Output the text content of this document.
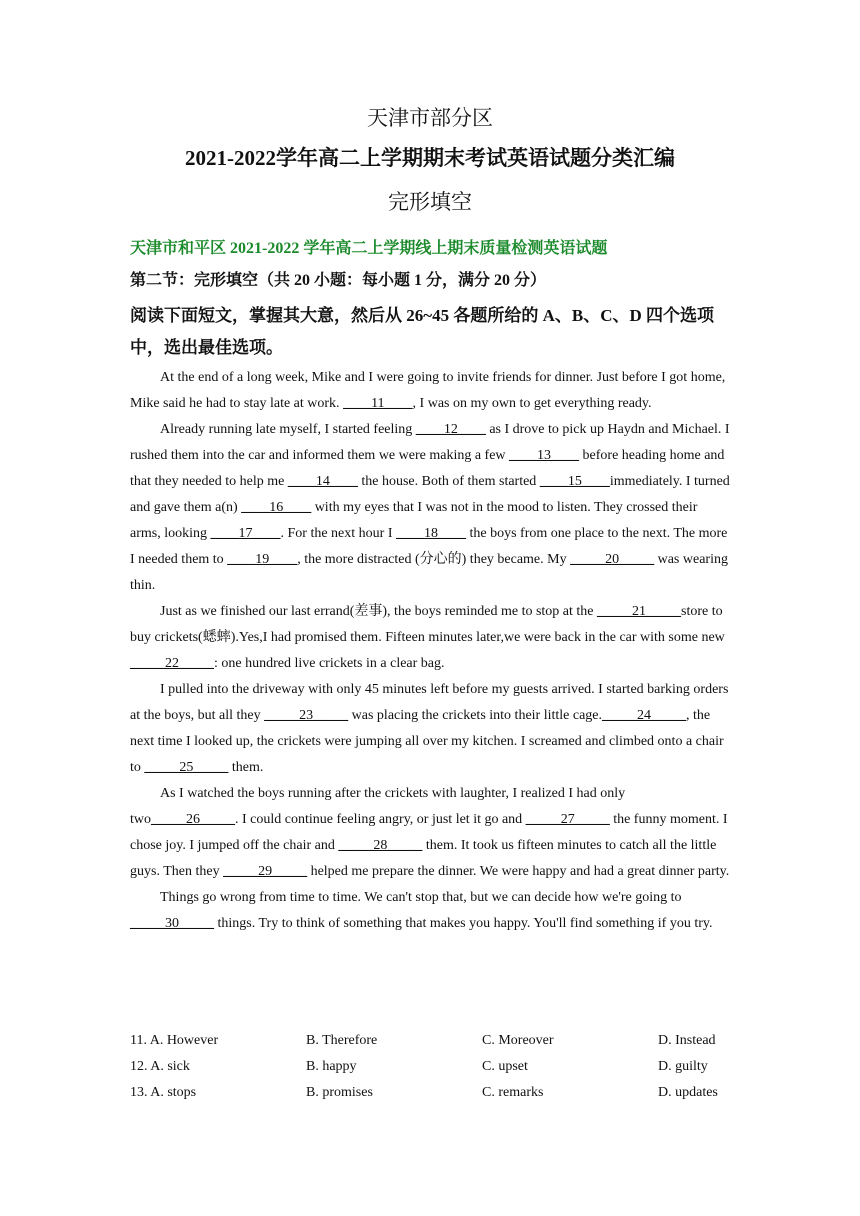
天津市部分区
2021-2022学年高二上学期期末考试英语试题分类汇编
完形填空
天津市和平区 2021-2022 学年高二上学期线上期末质量检测英语试题
第二节：完形填空（共 20 小题：每小题 1 分，满分 20 分）
阅读下面短文，掌握其大意，然后从 26~45 各题所给的 A、B、C、D 四个选项中，选出最佳选项。

At the end of a long week, Mike and I were going to invite friends for dinner. Just before I got home, Mike said he had to stay late at work. ____11____, I was on my own to get everything ready.

Already running late myself, I started feeling ____12____ as I drove to pick up Haydn and Michael. I rushed them into the car and informed them we were making a few ____13____ before heading home and that they needed to help me ____14____ the house. Both of them started ____15____immediately. I turned and gave them a(n) ____16____ with my eyes that I was not in the mood to listen. They crossed their arms, looking ____17____. For the next hour I ____18____ the boys from one place to the next. The more I needed them to ____19____, the more distracted (分心的) they became. My _____20_____ was wearing thin.

Just as we finished our last errand(差事), the boys reminded me to stop at the _____21_____store to buy crickets(蟋蟀).Yes,I had promised them. Fifteen minutes later,we were back in the car with some new _____22_____: one hundred live crickets in a clear bag.

I pulled into the driveway with only 45 minutes left before my guests arrived. I started barking orders at the boys, but all they _____23_____ was placing the crickets into their little cage._____24_____, the next time I looked up, the crickets were jumping all over my kitchen. I screamed and climbed onto a chair to _____25_____ them.

As I watched the boys running after the crickets with laughter, I realized I had only two_____26_____. I could continue feeling angry, or just let it go and _____27_____ the funny moment. I chose joy. I jumped off the chair and _____28_____ them. It took us fifteen minutes to catch all the little guys. Then they _____29_____ helped me prepare the dinner. We were happy and had a great dinner party.

Things go wrong from time to time. We can't stop that, but we can decide how we're going to _____30_____ things. Try to think of something that makes you happy. You'll find something if you try.

11. A. However	B. Therefore	C. Moreover	D. Instead
12. A. sick	B. happy	C. upset	D. guilty
13. A. stops	B. promises	C. remarks	D. updates
